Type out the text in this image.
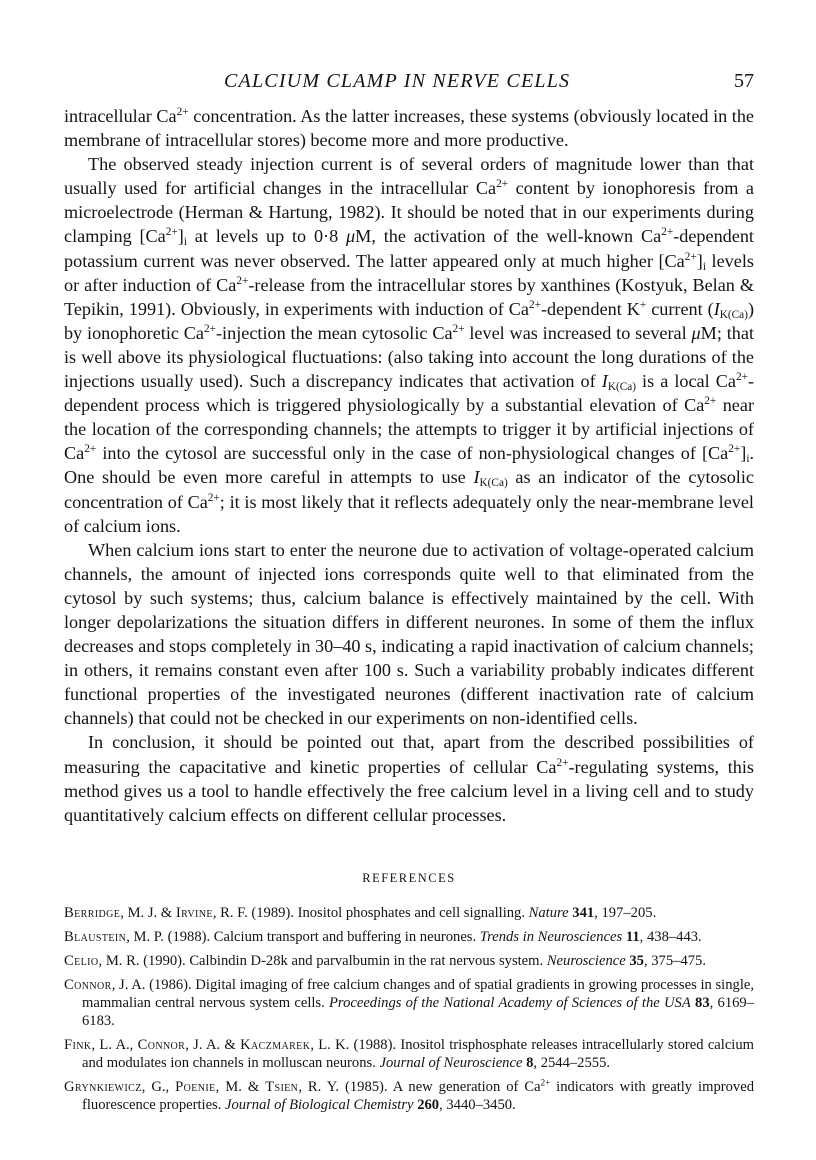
CALCIUM CLAMP IN NERVE CELLS	57

intracellular $Ca^{2+}$ concentration. As the latter increases, these systems (obviously located in the membrane of intracellular stores) become more and more productive.

The observed steady injection current is of several orders of magnitude lower than that usually used for artificial changes in the intracellular $Ca^{2+}$ content by ionophoresis from a microelectrode (Herman & Hartung, 1982). It should be noted that in our experiments during clamping $[Ca^{2+}]_i$ at levels up to 0·8 μM, the activation of the well-known $Ca^{2+}$-dependent potassium current was never observed. The latter appeared only at much higher $[Ca^{2+}]_i$ levels or after induction of $Ca^{2+}$-release from the intracellular stores by xanthines (Kostyuk, Belan & Tepikin, 1991). Obviously, in experiments with induction of $Ca^{2+}$-dependent K+ current $(I_{K(Ca)})$ by ionophoretic $Ca^{2+}$-injection the mean cytosolic $Ca^{2+}$ level was increased to several μM; that is well above its physiological fluctuations: (also taking into account the long durations of the injections usually used). Such a discrepancy indicates that activation of $I_{K(Ca)}$ is a local $Ca^{2+}$-dependent process which is triggered physiologically by a substantial elevation of $Ca^{2+}$ near the location of the corresponding channels; the attempts to trigger it by artificial injections of $Ca^{2+}$ into the cytosol are successful only in the case of non-physiological changes of $[Ca^{2+}]_i$. One should be even more careful in attempts to use $I_{K(Ca)}$ as an indicator of the cytosolic concentration of $Ca^{2+}$; it is most likely that it reflects adequately only the near-membrane level of calcium ions.

When calcium ions start to enter the neurone due to activation of voltage-operated calcium channels, the amount of injected ions corresponds quite well to that eliminated from the cytosol by such systems; thus, calcium balance is effectively maintained by the cell. With longer depolarizations the situation differs in different neurones. In some of them the influx decreases and stops completely in 30–40 s, indicating a rapid inactivation of calcium channels; in others, it remains constant even after 100 s. Such a variability probably indicates different functional properties of the investigated neurones (different inactivation rate of calcium channels) that could not be checked in our experiments on non-identified cells.

In conclusion, it should be pointed out that, apart from the described possibilities of measuring the capacitative and kinetic properties of cellular $Ca^{2+}$-regulating systems, this method gives us a tool to handle effectively the free calcium level in a living cell and to study quantitatively calcium effects on different cellular processes.

REFERENCES
Berridge, M. J. & Irvine, R. F. (1989). Inositol phosphates and cell signalling. Nature 341, 197–205.
Blaustein, M. P. (1988). Calcium transport and buffering in neurones. Trends in Neurosciences 11, 438–443.
Celio, M. R. (1990). Calbindin D-28k and parvalbumin in the rat nervous system. Neuroscience 35, 375–475.
Connor, J. A. (1986). Digital imaging of free calcium changes and of spatial gradients in growing processes in single, mammalian central nervous system cells. Proceedings of the National Academy of Sciences of the USA 83, 6169–6183.
Fink, L. A., Connor, J. A. & Kaczmarek, L. K. (1988). Inositol trisphosphate releases intracellularly stored calcium and modulates ion channels in molluscan neurons. Journal of Neuroscience 8, 2544–2555.
Grynkiewicz, G., Poenie, M. & Tsien, R. Y. (1985). A new generation of $Ca^{2+}$ indicators with greatly improved fluorescence properties. Journal of Biological Chemistry 260, 3440–3450.
